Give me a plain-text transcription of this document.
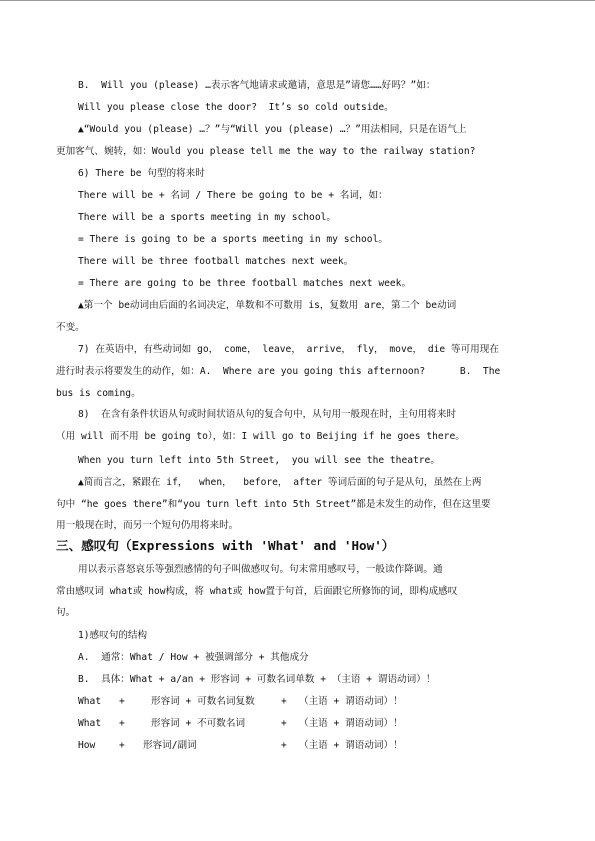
B.  Will you (please) …表示客气地请求或邀请，意思是”请您……好吗？”如：
Will you please close the door?  It’s so cold outside。
▲“Would you (please) …？”与“Will you (please) …？”用法相同，只是在语气上
更加客气、婉转，如：Would you please tell me the way to the railway station?
6) There be 句型的将来时
There will be + 名词 / There be going to be + 名词，如：
There will be a sports meeting in my school。
= There is going to be a sports meeting in my school。
There will be three football matches next week。
= There are going to be three football matches next week。
▲第一个 be动词由后面的名词决定，单数和不可数用 is，复数用 are，第二个 be动词
不变。
7) 在英语中，有些动词如 go， come， leave， arrive， fly， move， die 等可用现在
进行时表示将要发生的动作，如：A.  Where are you going this afternoon?      B.  The
bus is coming。
8)  在含有条件状语从句或时间状语从句的复合句中，从句用一般现在时，主句用将来时
（用 will 而不用 be going to），如：I will go to Beijing if he goes there。
When you turn left into 5th Street,  you will see the theatre。
▲简而言之，紧跟在 if，  when，  before， after 等词后面的句子是从句，虽然在上两
句中 “he goes there”和“you turn left into 5th Street”都是未发生的动作，但在这里要
用一般现在时，而另一个短句仍用将来时。
三、感叹句（Expressions with 'What' and 'How'）
用以表示喜怒哀乐等强烈感情的句子叫做感叹句。句末常用感叹号，一般读作降调。通
常由感叹词 what或 how构成，将 what或 how置于句首，后面跟它所修饰的词，即构成感叹
句。
1)感叹句的结构
A.  通常：What / How + 被强调部分 + 其他成分
B.  具体：What + a/an + 形容词 + 可数名词单数 + （主语 + 谓语动词）！
What +	形容词 + 可数名词复数	+ （主语 + 谓语动词）！
What +	形容词 + 不可数名词	+ （主语 + 谓语动词）！
How + 形容词/副词	+ （主语 + 谓语动词）！
